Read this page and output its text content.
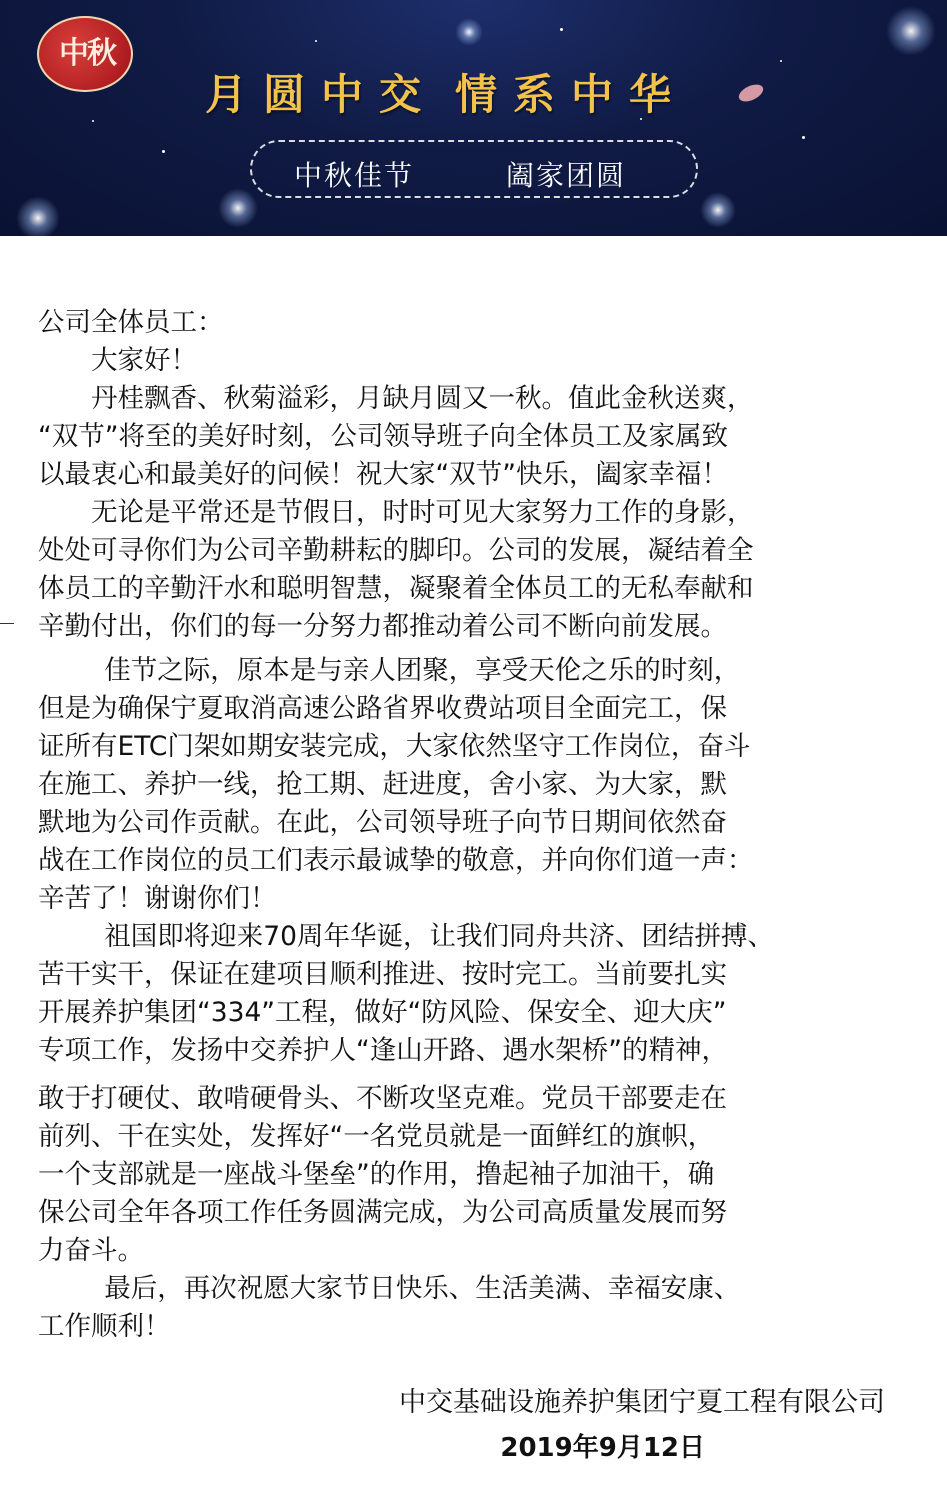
中秋
月圆中交 情系中华
中秋佳节	阖家团圆

公司全体员工：

大家好！

丹桂飘香、秋菊溢彩，月缺月圆又一秋。值此金秋送爽，

“双节”将至的美好时刻，公司领导班子向全体员工及家属致

以最衷心和最美好的问候！祝大家“双节”快乐，阖家幸福！

无论是平常还是节假日，时时可见大家努力工作的身影，

处处可寻你们为公司辛勤耕耘的脚印。公司的发展，凝结着全

体员工的辛勤汗水和聪明智慧，凝聚着全体员工的无私奉献和

辛勤付出，你们的每一分努力都推动着公司不断向前发展。

佳节之际，原本是与亲人团聚，享受天伦之乐的时刻，

但是为确保宁夏取消高速公路省界收费站项目全面完工，保

证所有ETC门架如期安装完成，大家依然坚守工作岗位，奋斗

在施工、养护一线，抢工期、赶进度，舍小家、为大家，默

默地为公司作贡献。在此，公司领导班子向节日期间依然奋

战在工作岗位的员工们表示最诚挚的敬意，并向你们道一声：

辛苦了！谢谢你们！

祖国即将迎来70周年华诞，让我们同舟共济、团结拼搏、

苦干实干，保证在建项目顺利推进、按时完工。当前要扎实

开展养护集团“334”工程，做好“防风险、保安全、迎大庆”

专项工作，发扬中交养护人“逢山开路、遇水架桥”的精神，

敢于打硬仗、敢啃硬骨头、不断攻坚克难。党员干部要走在

前列、干在实处，发挥好“一名党员就是一面鲜红的旗帜，

一个支部就是一座战斗堡垒”的作用，撸起袖子加油干，确

保公司全年各项工作任务圆满完成，为公司高质量发展而努

力奋斗。

最后，再次祝愿大家节日快乐、生活美满、幸福安康、

工作顺利！

中交基础设施养护集团宁夏工程有限公司
2019年9月12日
